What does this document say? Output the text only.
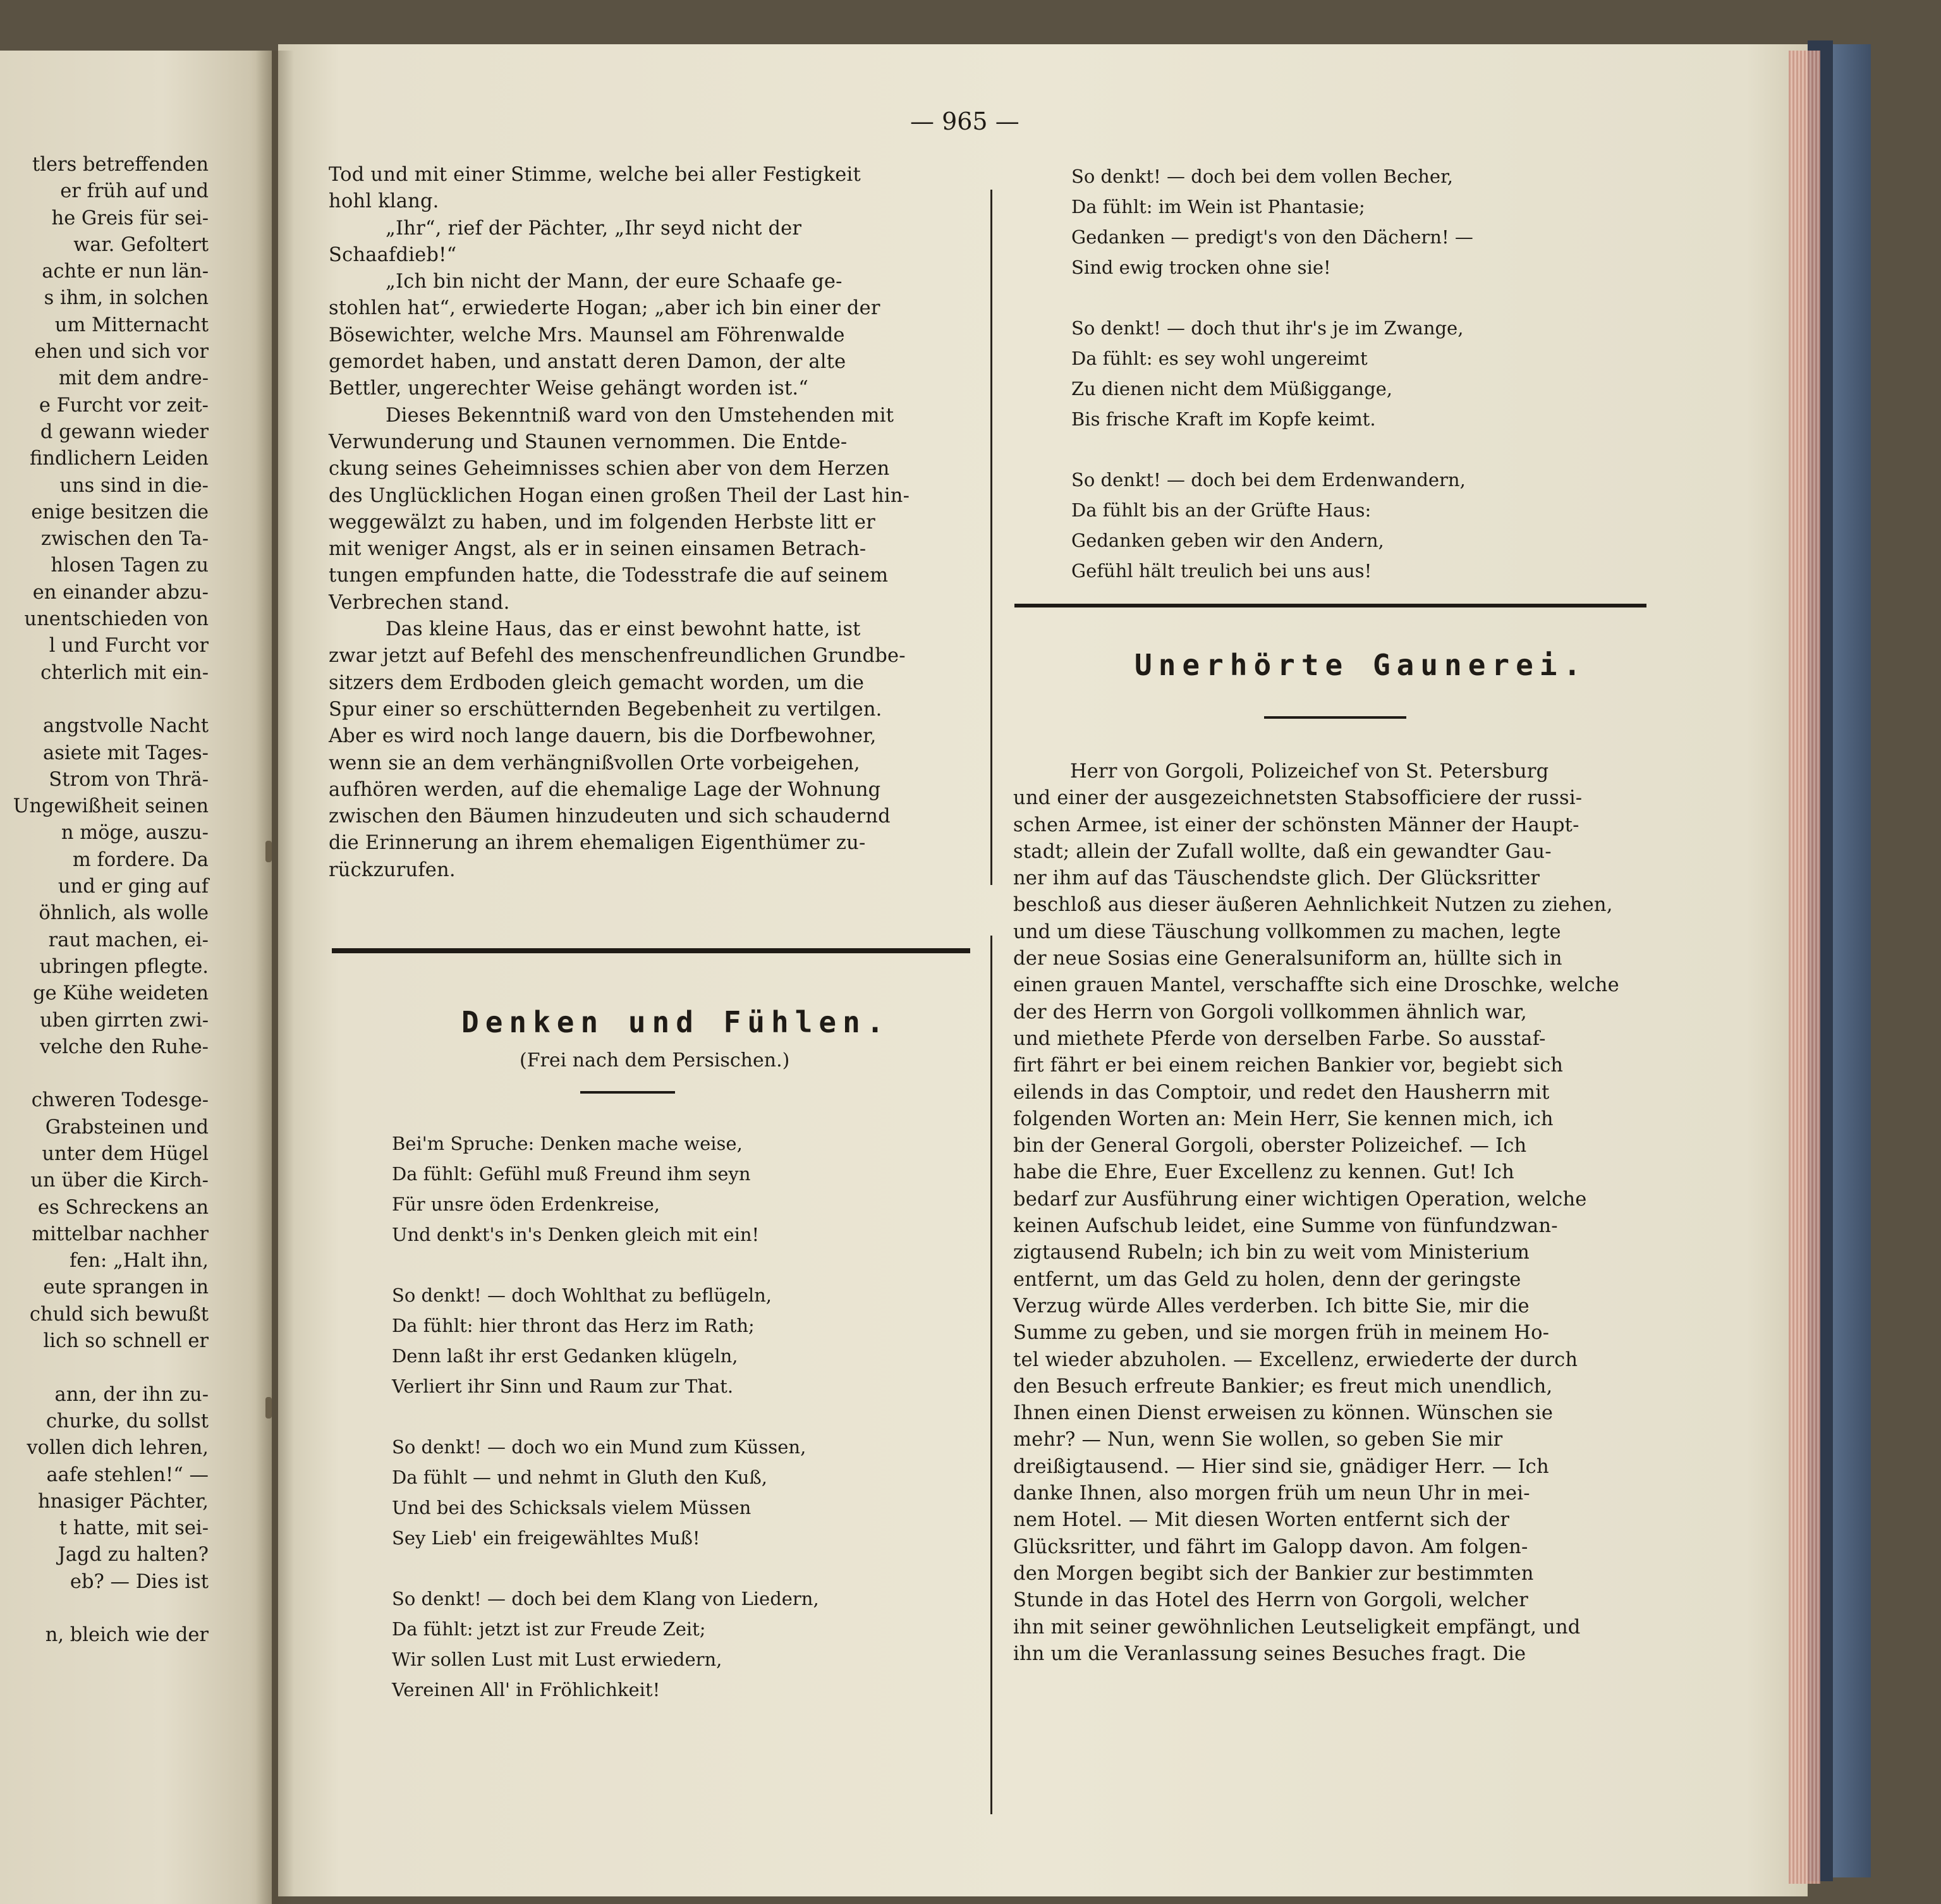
tlers betreffenden
er früh auf und
he Greis für sei-
war. Gefoltert
achte er nun län-
s ihm, in solchen
um Mitternacht
ehen und sich vor
mit dem andre-
e Furcht vor zeit-
d gewann wieder
findlichern Leiden
uns sind in die-
enige besitzen die
zwischen den Ta-
hlosen Tagen zu
en einander abzu-
unentschieden von
l und Furcht vor
chterlich mit ein-

angstvolle Nacht
asiete mit Tages-
Strom von Thrä-
Ungewißheit seinen
n möge, auszu-
m fordere. Da
und er ging auf
öhnlich, als wolle
raut machen, ei-
ubringen pflegte.
ge Kühe weideten
uben girrten zwi-
velche den Ruhe-

chweren Todesge-
Grabsteinen und
unter dem Hügel
un über die Kirch-
es Schreckens an
mittelbar nachher
fen: „Halt ihn,
eute sprangen in
chuld sich bewußt
lich so schnell er

ann, der ihn zu-
churke, du sollst
vollen dich lehren,
aafe stehlen!“ —
hnasiger Pächter,
t hatte, mit sei-
Jagd zu halten?
eb? — Dies ist

n, bleich wie der
— 965 —
Tod und mit einer Stimme, welche bei aller Festigkeit
hohl klang.
„Ihr“, rief der Pächter, „Ihr seyd nicht der
Schaafdieb!“
„Ich bin nicht der Mann, der eure Schaafe ge-
stohlen hat“, erwiederte Hogan; „aber ich bin einer der
Bösewichter, welche Mrs. Maunsel am Föhrenwalde
gemordet haben, und anstatt deren Damon, der alte
Bettler, ungerechter Weise gehängt worden ist.“
Dieses Bekenntniß ward von den Umstehenden mit
Verwunderung und Staunen vernommen. Die Entde-
ckung seines Geheimnisses schien aber von dem Herzen
des Unglücklichen Hogan einen großen Theil der Last hin-
weggewälzt zu haben, und im folgenden Herbste litt er
mit weniger Angst, als er in seinen einsamen Betrach-
tungen empfunden hatte, die Todesstrafe die auf seinem
Verbrechen stand.
Das kleine Haus, das er einst bewohnt hatte, ist
zwar jetzt auf Befehl des menschenfreundlichen Grundbe-
sitzers dem Erdboden gleich gemacht worden, um die
Spur einer so erschütternden Begebenheit zu vertilgen.
Aber es wird noch lange dauern, bis die Dorfbewohner,
wenn sie an dem verhängnißvollen Orte vorbeigehen,
aufhören werden, auf die ehemalige Lage der Wohnung
zwischen den Bäumen hinzudeuten und sich schaudernd
die Erinnerung an ihrem ehemaligen Eigenthümer zu-
rückzurufen.
Denken und Fühlen.
(Frei nach dem Persischen.)
Bei'm Spruche: Denken mache weise,
Da fühlt: Gefühl muß Freund ihm seyn
Für unsre öden Erdenkreise,
Und denkt's in's Denken gleich mit ein!
So denkt! — doch Wohlthat zu beflügeln,
Da fühlt: hier thront das Herz im Rath;
Denn laßt ihr erst Gedanken klügeln,
Verliert ihr Sinn und Raum zur That.
So denkt! — doch wo ein Mund zum Küssen,
Da fühlt — und nehmt in Gluth den Kuß,
Und bei des Schicksals vielem Müssen
Sey Lieb' ein freigewähltes Muß!
So denkt! — doch bei dem Klang von Liedern,
Da fühlt: jetzt ist zur Freude Zeit;
Wir sollen Lust mit Lust erwiedern,
Vereinen All' in Fröhlichkeit!
So denkt! — doch bei dem vollen Becher,
Da fühlt: im Wein ist Phantasie;
Gedanken — predigt's von den Dächern! —
Sind ewig trocken ohne sie!
So denkt! — doch thut ihr's je im Zwange,
Da fühlt: es sey wohl ungereimt
Zu dienen nicht dem Müßiggange,
Bis frische Kraft im Kopfe keimt.
So denkt! — doch bei dem Erdenwandern,
Da fühlt bis an der Grüfte Haus:
Gedanken geben wir den Andern,
Gefühl hält treulich bei uns aus!
Unerhörte Gaunerei.
Herr von Gorgoli, Polizeichef von St. Petersburg
und einer der ausgezeichnetsten Stabsofficiere der russi-
schen Armee, ist einer der schönsten Männer der Haupt-
stadt; allein der Zufall wollte, daß ein gewandter Gau-
ner ihm auf das Täuschendste glich. Der Glücksritter
beschloß aus dieser äußeren Aehnlichkeit Nutzen zu ziehen,
und um diese Täuschung vollkommen zu machen, legte
der neue Sosias eine Generalsuniform an, hüllte sich in
einen grauen Mantel, verschaffte sich eine Droschke, welche
der des Herrn von Gorgoli vollkommen ähnlich war,
und miethete Pferde von derselben Farbe. So ausstaf-
firt fährt er bei einem reichen Bankier vor, begiebt sich
eilends in das Comptoir, und redet den Hausherrn mit
folgenden Worten an: Mein Herr, Sie kennen mich, ich
bin der General Gorgoli, oberster Polizeichef. — Ich
habe die Ehre, Euer Excellenz zu kennen. Gut! Ich
bedarf zur Ausführung einer wichtigen Operation, welche
keinen Aufschub leidet, eine Summe von fünfundzwan-
zigtausend Rubeln; ich bin zu weit vom Ministerium
entfernt, um das Geld zu holen, denn der geringste
Verzug würde Alles verderben. Ich bitte Sie, mir die
Summe zu geben, und sie morgen früh in meinem Ho-
tel wieder abzuholen. — Excellenz, erwiederte der durch
den Besuch erfreute Bankier; es freut mich unendlich,
Ihnen einen Dienst erweisen zu können. Wünschen sie
mehr? — Nun, wenn Sie wollen, so geben Sie mir
dreißigtausend. — Hier sind sie, gnädiger Herr. — Ich
danke Ihnen, also morgen früh um neun Uhr in mei-
nem Hotel. — Mit diesen Worten entfernt sich der
Glücksritter, und fährt im Galopp davon. Am folgen-
den Morgen begibt sich der Bankier zur bestimmten
Stunde in das Hotel des Herrn von Gorgoli, welcher
ihn mit seiner gewöhnlichen Leutseligkeit empfängt, und
ihn um die Veranlassung seines Besuches fragt. Die
